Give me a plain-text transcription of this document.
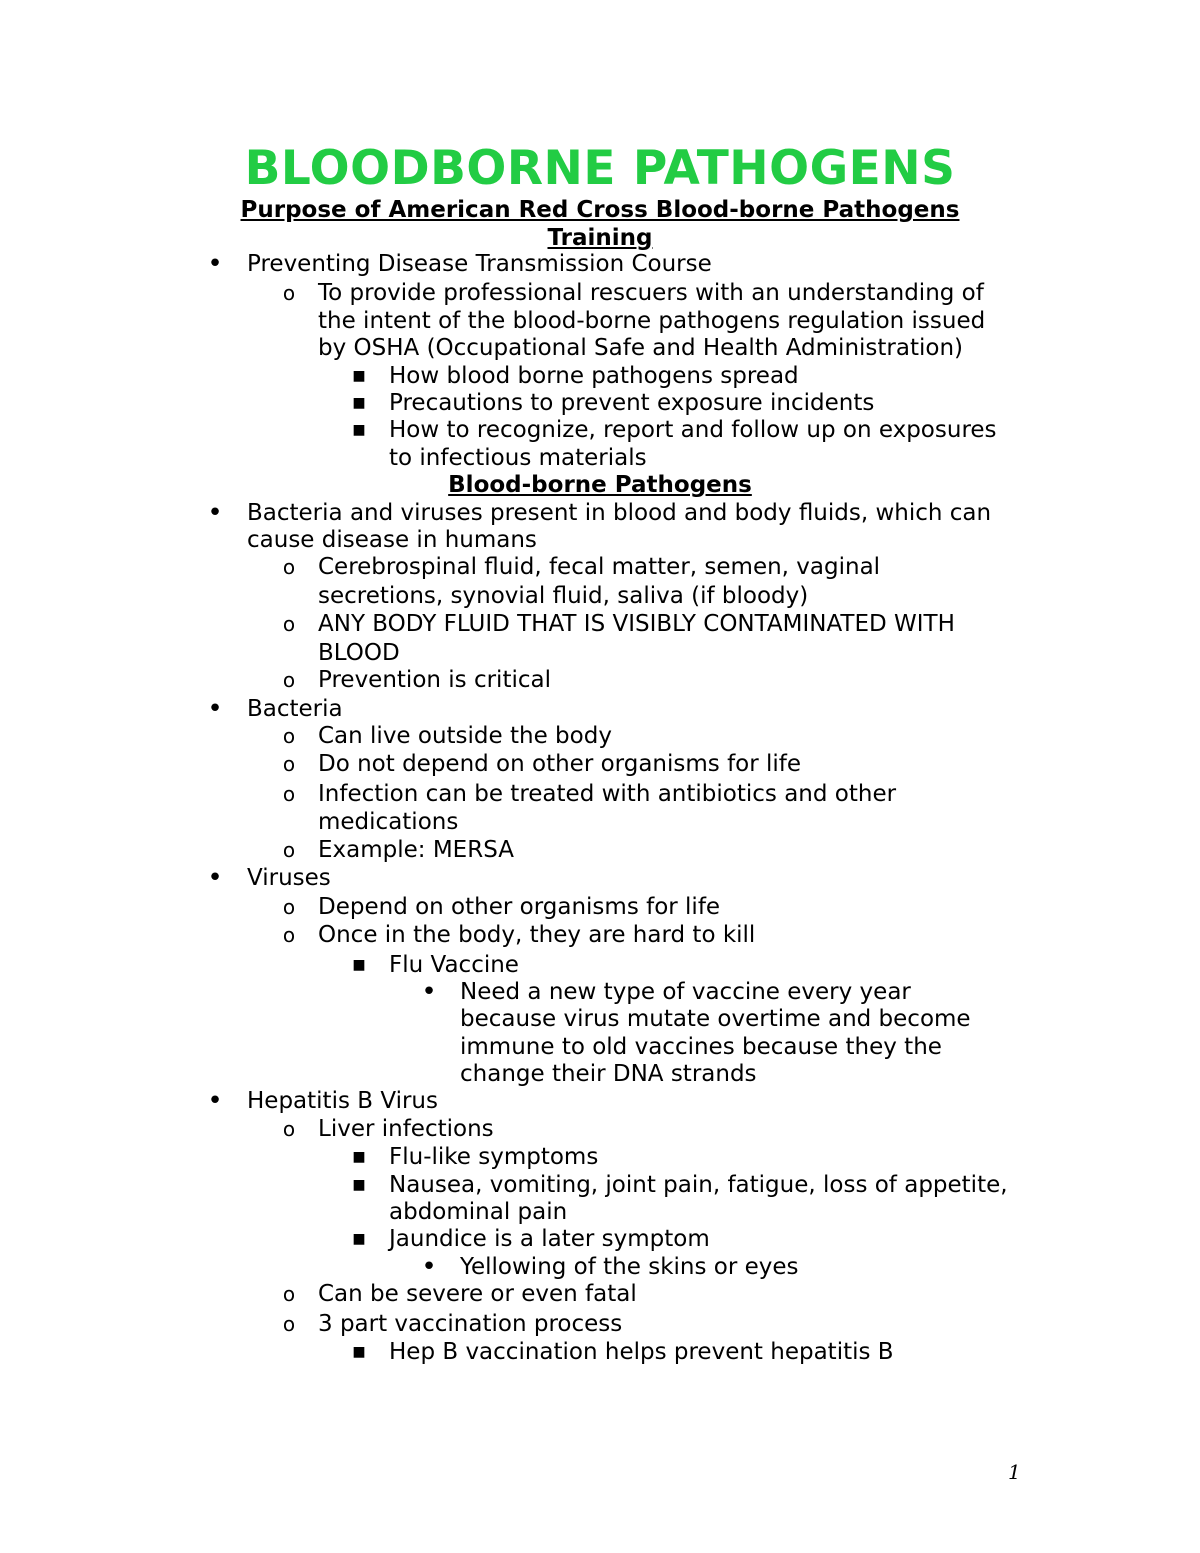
BLOODBORNE PATHOGENS
Purpose of American Red Cross Blood-borne Pathogens
Training
• Preventing Disease Transmission Course
o To provide professional rescuers with an understanding of
the intent of the blood-borne pathogens regulation issued
by OSHA (Occupational Safe and Health Administration)
■ How blood borne pathogens spread
■ Precautions to prevent exposure incidents
■ How to recognize, report and follow up on exposures
to infectious materials
Blood-borne Pathogens
• Bacteria and viruses present in blood and body fluids, which can
cause disease in humans
o Cerebrospinal fluid, fecal matter, semen, vaginal
secretions, synovial fluid, saliva (if bloody)
o ANY BODY FLUID THAT IS VISIBLY CONTAMINATED WITH
BLOOD
o Prevention is critical
• Bacteria
o Can live outside the body
o Do not depend on other organisms for life
o Infection can be treated with antibiotics and other
medications
o Example: MERSA
• Viruses
o Depend on other organisms for life
o Once in the body, they are hard to kill
■ Flu Vaccine
• Need a new type of vaccine every year
because virus mutate overtime and become
immune to old vaccines because they the
change their DNA strands
• Hepatitis B Virus
o Liver infections
■ Flu-like symptoms
■ Nausea, vomiting, joint pain, fatigue, loss of appetite,
abdominal pain
■ Jaundice is a later symptom
• Yellowing of the skins or eyes
o Can be severe or even fatal
o 3 part vaccination process
■ Hep B vaccination helps prevent hepatitis B
1
